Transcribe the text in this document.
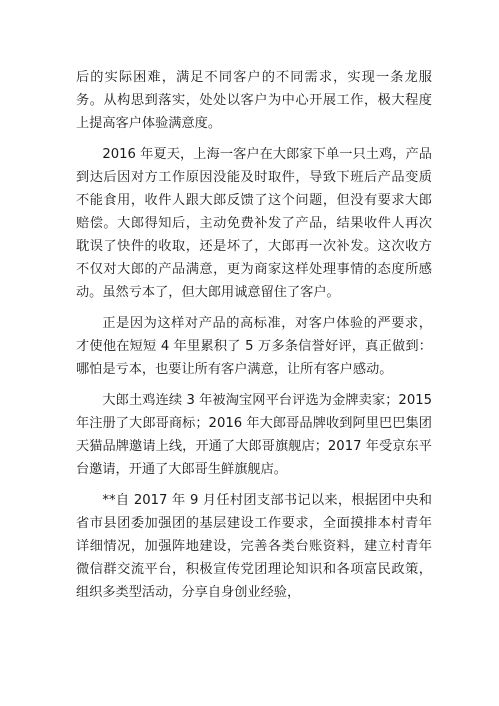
后的实际困难，满足不同客户的不同需求，实现一条龙服务。从构思到落实，处处以客户为中心开展工作，极大程度上提高客户体验满意度。

2016 年夏天，上海一客户在大郎家下单一只土鸡，产品到达后因对方工作原因没能及时取件，导致下班后产品变质不能食用，收件人跟大郎反馈了这个问题，但没有要求大郎赔偿。大郎得知后，主动免费补发了产品，结果收件人再次耽误了快件的收取，还是坏了，大郎再一次补发。这次收方不仅对大郎的产品满意，更为商家这样处理事情的态度所感动。虽然亏本了，但大郎用诚意留住了客户。

正是因为这样对产品的高标准，对客户体验的严要求，才使他在短短 4 年里累积了 5 万多条信誉好评，真正做到：哪怕是亏本，也要让所有客户满意，让所有客户感动。

大郎土鸡连续 3 年被淘宝网平台评选为金牌卖家；2015 年注册了大郎哥商标；2016 年大郎哥品牌收到阿里巴巴集团天猫品牌邀请上线，开通了大郎哥旗舰店；2017 年受京东平台邀请，开通了大郎哥生鲜旗舰店。

**自 2017 年 9 月任村团支部书记以来，根据团中央和省市县团委加强团的基层建设工作要求，全面摸排本村青年详细情况，加强阵地建设，完善各类台账资料，建立村青年微信群交流平台，积极宣传党团理论知识和各项富民政策，组织多类型活动，分享自身创业经验，
